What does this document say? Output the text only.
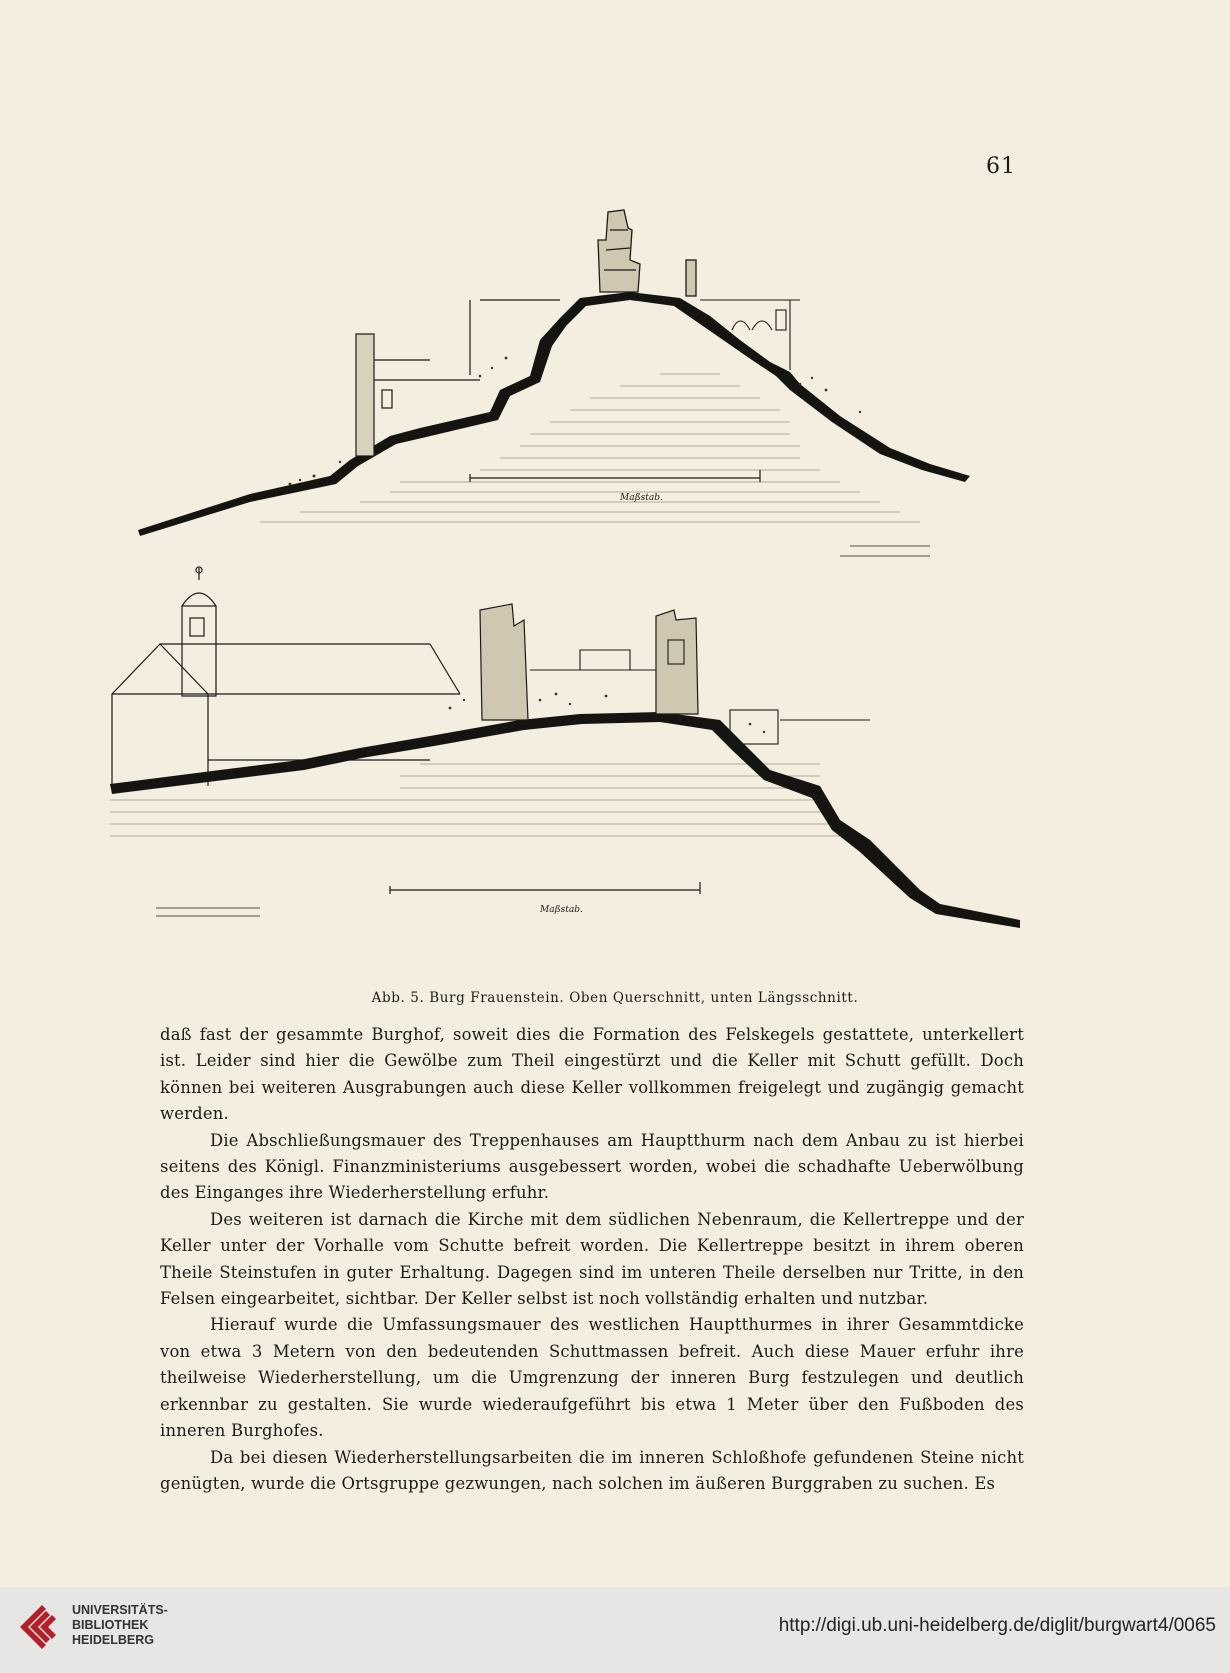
61
Maßstab.
Maßstab.
Abb. 5. Burg Frauenstein. Oben Querschnitt, unten Längsschnitt.

daß fast der gesammte Burghof, soweit dies die Formation des Felskegels gestattete, unterkellert ist. Leider sind hier die Gewölbe zum Theil eingestürzt und die Keller mit Schutt gefüllt. Doch können bei weiteren Ausgrabungen auch diese Keller vollkommen freigelegt und zugängig gemacht werden.

Die Abschließungsmauer des Treppenhauses am Hauptthurm nach dem Anbau zu ist hierbei seitens des Königl. Finanzministeriums ausgebessert worden, wobei die schadhafte Ueberwölbung des Einganges ihre Wiederherstellung erfuhr.

Des weiteren ist darnach die Kirche mit dem südlichen Nebenraum, die Kellertreppe und der Keller unter der Vorhalle vom Schutte befreit worden. Die Kellertreppe besitzt in ihrem oberen Theile Steinstufen in guter Erhaltung. Dagegen sind im unteren Theile derselben nur Tritte, in den Felsen eingearbeitet, sichtbar. Der Keller selbst ist noch vollständig erhalten und nutzbar.

Hierauf wurde die Umfassungsmauer des westlichen Hauptthurmes in ihrer Gesammtdicke von etwa 3 Metern von den bedeutenden Schuttmassen befreit. Auch diese Mauer erfuhr ihre theilweise Wiederherstellung, um die Umgrenzung der inneren Burg festzulegen und deutlich erkennbar zu gestalten. Sie wurde wiederaufgeführt bis etwa 1 Meter über den Fußboden des inneren Burghofes.

Da bei diesen Wiederherstellungsarbeiten die im inneren Schloßhofe gefundenen Steine nicht genügten, wurde die Ortsgruppe gezwungen, nach solchen im äußeren Burggraben zu suchen. Es

UNIVERSITÄTS-
BIBLIOTHEK
HEIDELBERG
http://digi.ub.uni-heidelberg.de/diglit/burgwart4/0065
